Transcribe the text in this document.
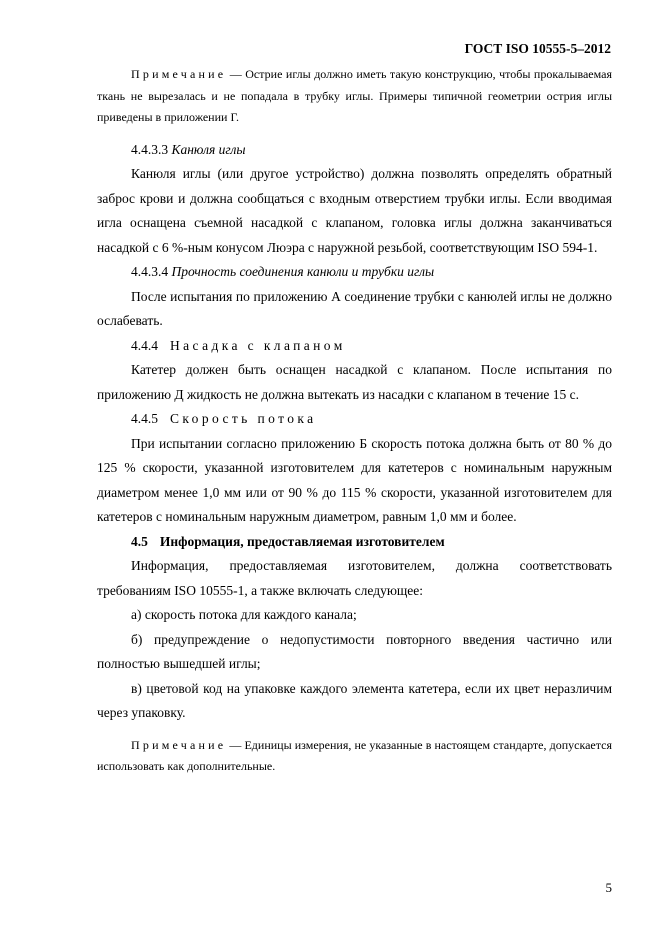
ГОСТ ISO 10555-5–2012

Примечание — Острие иглы должно иметь такую конструкцию, чтобы прокалываемая ткань не вырезалась и не попадала в трубку иглы. Примеры типичной геометрии острия иглы приведены в приложении Г.

4.4.3.3 Канюля иглы

Канюля иглы (или другое устройство) должна позволять определять обратный заброс крови и должна сообщаться с входным отверстием трубки иглы. Если вводимая игла оснащена съемной насадкой с клапаном, головка иглы должна заканчиваться насадкой с 6 %-ным конусом Люэра с наружной резьбой, соответствующим ISO 594-1.

4.4.3.4 Прочность соединения канюли и трубки иглы

После испытания по приложению А соединение трубки с канюлей иглы не должно ослабевать.

4.4.4 Насадка с клапаном

Катетер должен быть оснащен насадкой с клапаном. После испытания по приложению Д жидкость не должна вытекать из насадки с клапаном в течение 15 с.

4.4.5 Скорость потока

При испытании согласно приложению Б скорость потока должна быть от 80 % до 125 % скорости, указанной изготовителем для катетеров с номинальным наружным диаметром менее 1,0 мм или от 90 % до 115 % скорости, указанной изготовителем для катетеров с номинальным наружным диаметром, равным 1,0 мм и более.

4.5 Информация, предоставляемая изготовителем

Информация, предоставляемая изготовителем, должна соответствовать

требованиям ISO 10555-1, а также включать следующее:

а) скорость потока для каждого канала;

б) предупреждение о недопустимости повторного введения частично или полностью вышедшей иглы;

в) цветовой код на упаковке каждого элемента катетера, если их цвет неразличим через упаковку.

Примечание — Единицы измерения, не указанные в настоящем стандарте, допускается использовать как дополнительные.

5
